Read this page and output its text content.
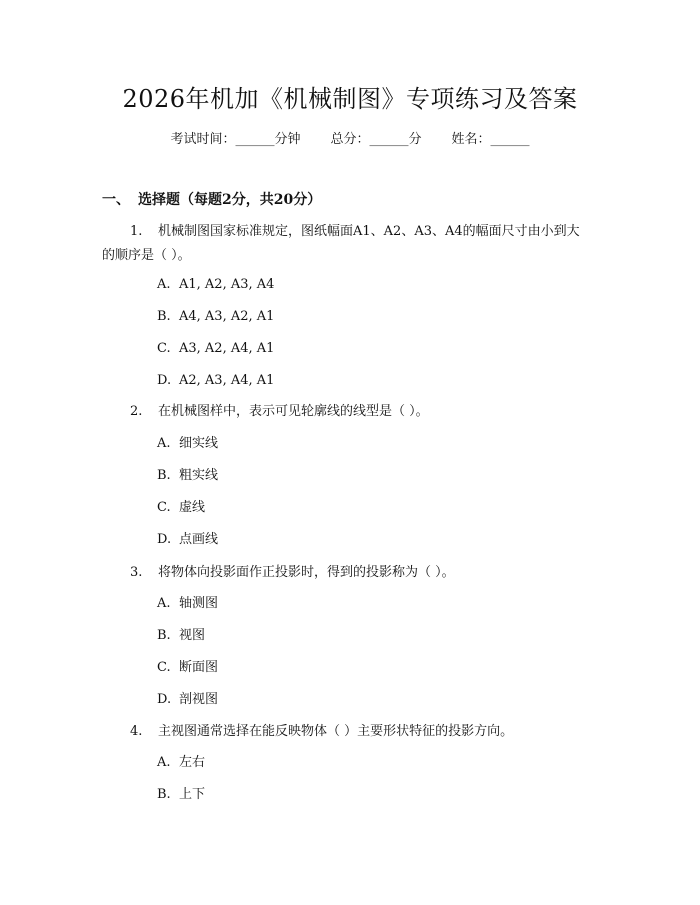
2026年机加《机械制图》专项练习及答案
考试时间：______分钟 总分：______分 姓名：______
一、 选择题（每题2分，共20分）
1. 机械制图国家标准规定，图纸幅面A1、A2、A3、A4的幅面尺寸由小到大
的顺序是（ ）。
A. A1, A2, A3, A4
B. A4, A3, A2, A1
C. A3, A2, A4, A1
D. A2, A3, A4, A1
2. 在机械图样中，表示可见轮廓线的线型是（ ）。
A. 细实线
B. 粗实线
C. 虚线
D. 点画线
3. 将物体向投影面作正投影时，得到的投影称为（ ）。
A. 轴测图
B. 视图
C. 断面图
D. 剖视图
4. 主视图通常选择在能反映物体（ ）主要形状特征的投影方向。
A. 左右
B. 上下
